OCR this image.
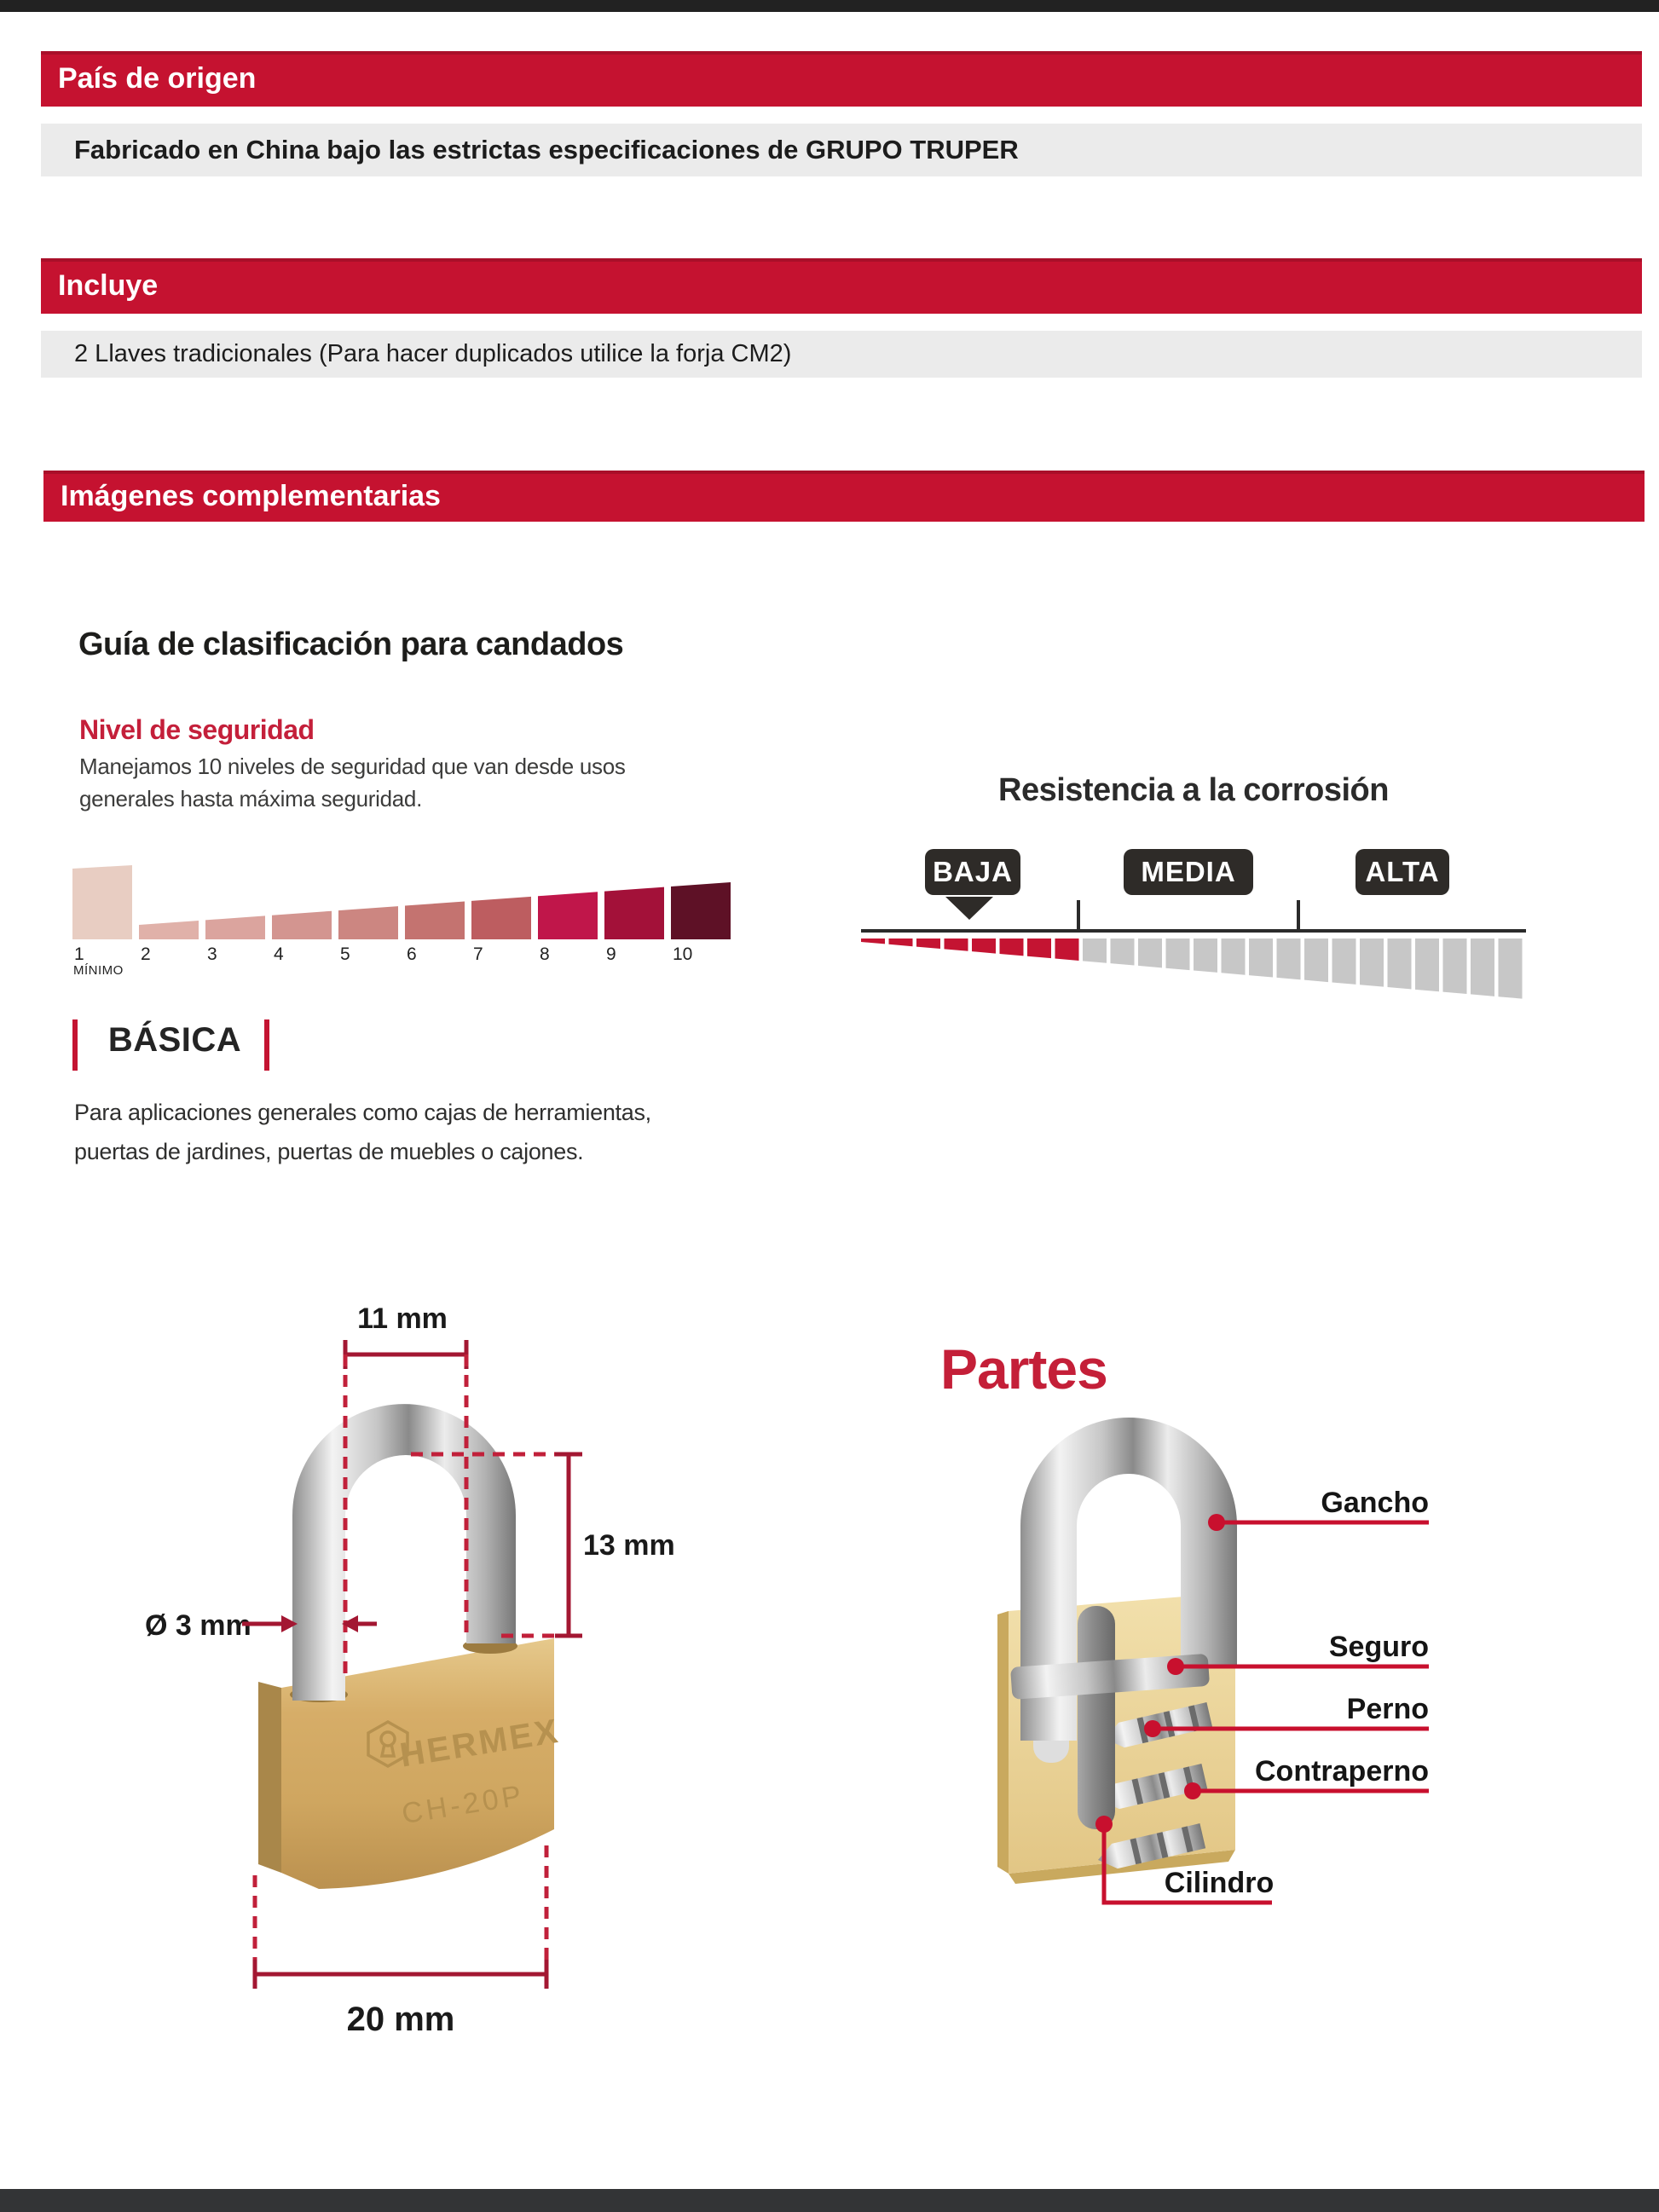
País de origen
Fabricado en China bajo las estrictas especificaciones de GRUPO TRUPER
Incluye
2 Llaves tradicionales (Para hacer duplicados utilice la forja CM2)
Imágenes complementarias
Guía de clasificación para candados
Nivel de seguridad
Manejamos 10 niveles de seguridad que van desde usos
generales hasta máxima seguridad.
1	2	3	4	5	6	7	8	9	10
MÍNIMO
BÁSICA
Para aplicaciones generales como cajas de herramientas,
puertas de jardines, puertas de muebles o cajones.
Resistencia a la corrosión
BAJA	MEDIA	ALTA
HERMEX
CH-20P
11 mm
13 mm
Ø 3 mm
20 mm
Partes
Gancho
Seguro
Perno
Contraperno
Cilindro
